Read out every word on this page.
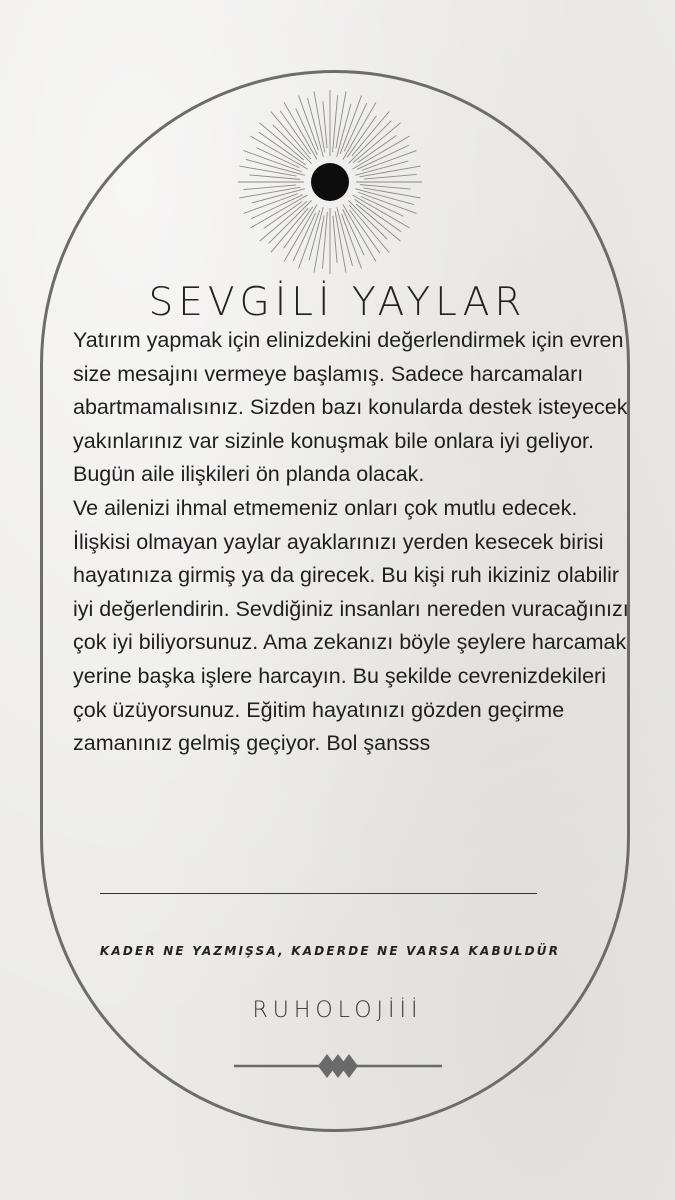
SEVGİLİ YAYLAR

Yatırım yapmak için elinizdekini değerlendirmek için evren size mesajını vermeye başlamış. Sadece harcamaları abartmamalısınız. Sizden bazı konularda destek isteyecek yakınlarınız var sizinle konuşmak bile onlara iyi geliyor. Bugün aile ilişkileri ön planda olacak.

Ve ailenizi ihmal etmemeniz onları çok mutlu edecek.

İlişkisi olmayan yaylar ayaklarınızı yerden kesecek birisi hayatınıza girmiş ya da girecek. Bu kişi ruh ikiziniz olabilir iyi değerlendirin. Sevdiğiniz insanları nereden vuracağınızı çok iyi biliyorsunuz. Ama zekanızı böyle şeylere harcamak yerine başka işlere harcayın. Bu şekilde cevrenizdekileri çok üzüyorsunuz. Eğitim hayatınızı gözden geçirme zamanınız gelmiş geçiyor. Bol şansss

KADER NE YAZMIŞSA, KADERDE NE VARSA KABULDÜR

RUHOLOJİİİ
